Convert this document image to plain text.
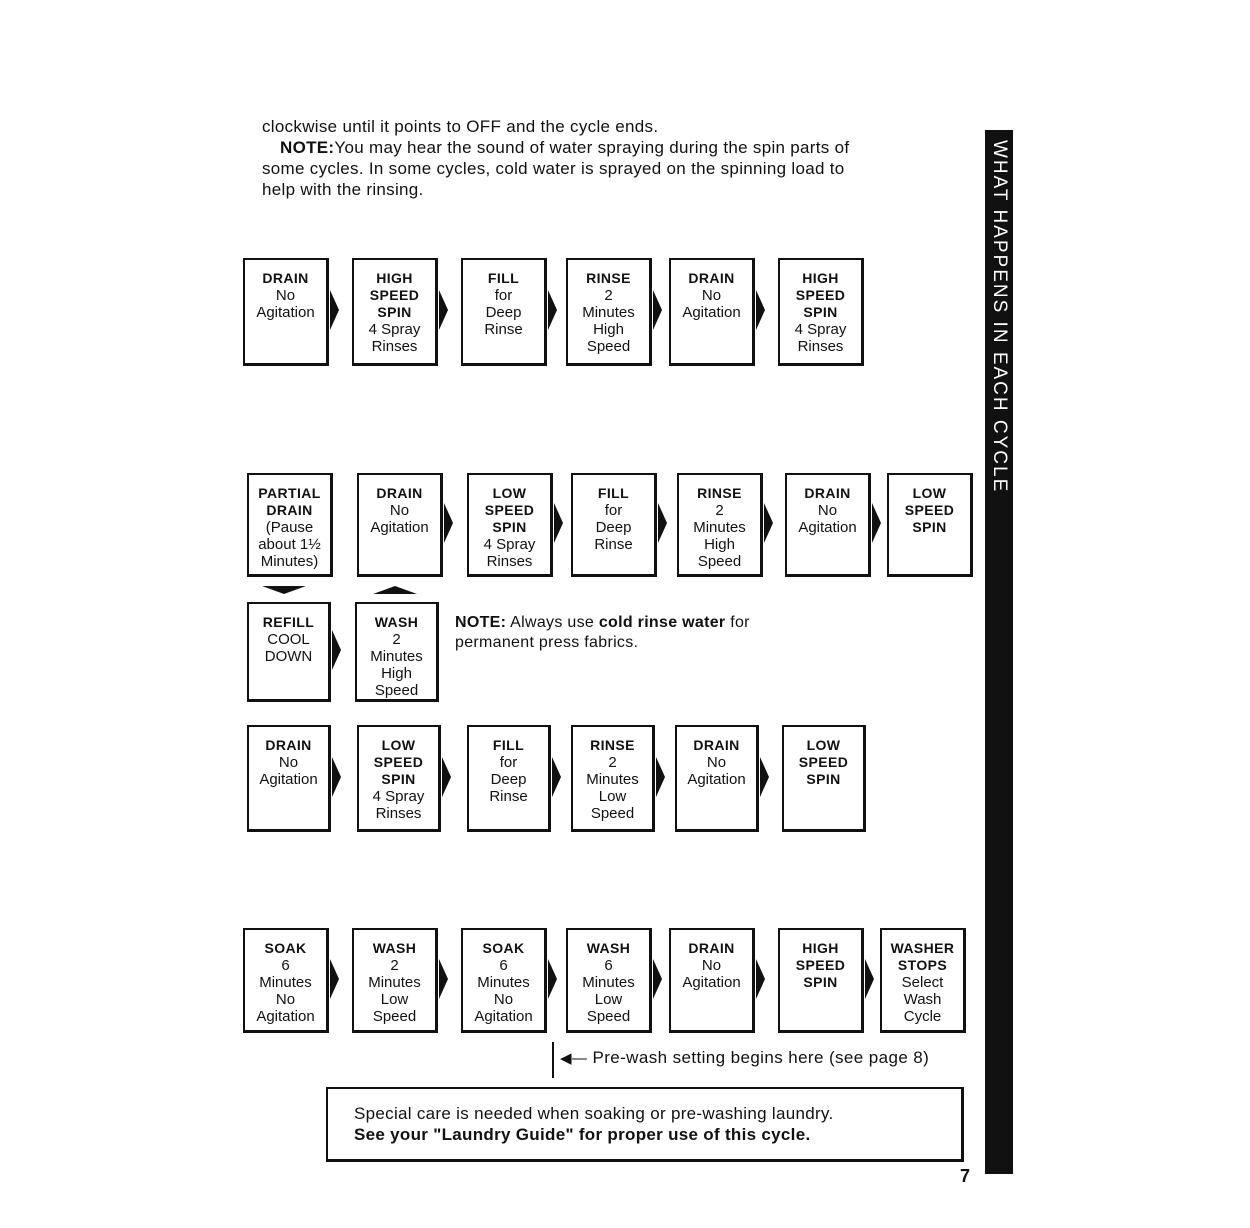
clockwise until it points to OFF and the cycle ends.

NOTE:You may hear the sound of water spraying during the spin parts of

some cycles. In some cycles, cold water is sprayed on the spinning load to

help with the rinsing.	WHAT HAPPENS IN EACH CYCLE
DRAIN
No
Agitation
HIGH
SPEED
SPIN
4 Spray
Rinses
FILL
for
Deep
Rinse
RINSE
2
Minutes
High
Speed
DRAIN
No
Agitation
HIGH
SPEED
SPIN
4 Spray
Rinses
PARTIAL
DRAIN
(Pause
about 1½
Minutes)
DRAIN
No
Agitation
LOW
SPEED
SPIN
4 Spray
Rinses
FILL
for
Deep
Rinse
RINSE
2
Minutes
High
Speed
DRAIN
No
Agitation
LOW
SPEED
SPIN
REFILL
COOL
DOWN
WASH
2
Minutes
High
Speed
DRAIN
No
Agitation
LOW
SPEED
SPIN
4 Spray
Rinses
FILL
for
Deep
Rinse
RINSE
2
Minutes
Low
Speed
DRAIN
No
Agitation
LOW
SPEED
SPIN
SOAK
6
Minutes
No
Agitation
WASH
2
Minutes
Low
Speed
SOAK
6
Minutes
No
Agitation
WASH
6
Minutes
Low
Speed
DRAIN
No
Agitation
HIGH
SPEED
SPIN
WASHER
STOPS
Select
Wash
Cycle
NOTE: Always use cold rinse water for
permanent press fabrics.
◀— Pre-wash setting begins here (see page 8)
Special care is needed when soaking or pre-washing laundry.
See your "Laundry Guide" for proper use of this cycle.
7
